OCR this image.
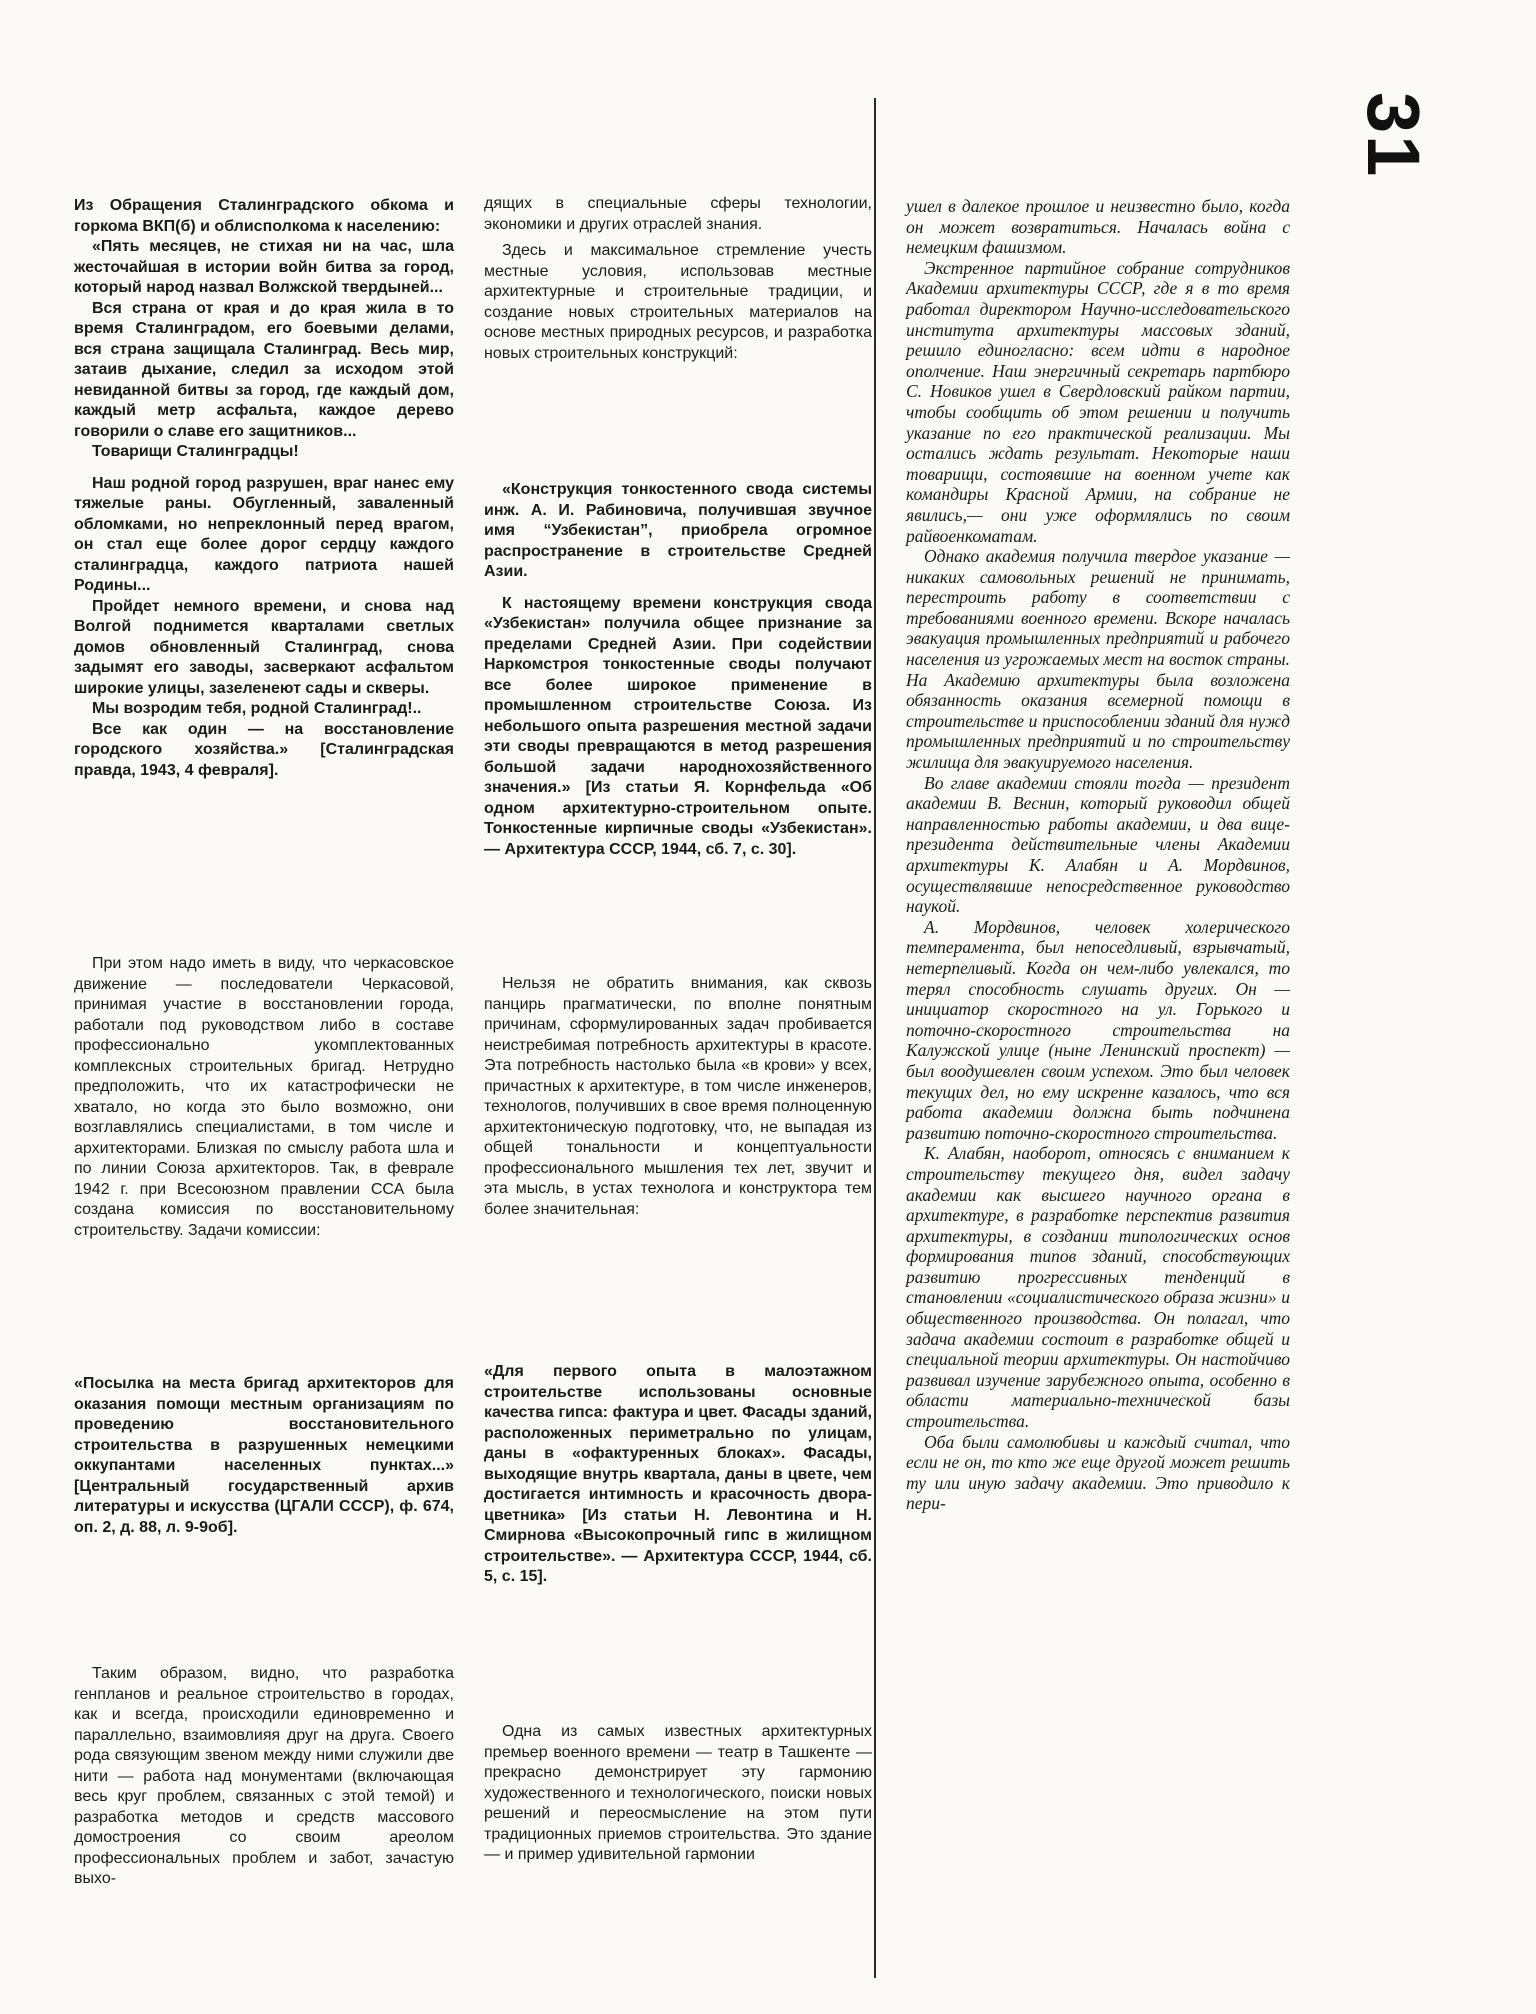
31

Из Обращения Сталинградского обкома и горкома ВКП(б) и облисполкома к населению:

«Пять месяцев, не стихая ни на час, шла жесточайшая в истории войн битва за город, который народ назвал Волжской твердыней...

Вся страна от края и до края жила в то время Сталинградом, его боевыми делами, вся страна защищала Сталинград. Весь мир, затаив дыхание, следил за исходом этой невиданной битвы за город, где каждый дом, каждый метр асфальта, каждое дерево говорили о славе его защитников...

Товарищи Сталинградцы!

Наш родной город разрушен, враг нанес ему тяжелые раны. Обугленный, заваленный обломками, но непреклонный перед врагом, он стал еще более дорог сердцу каждого сталинградца, каждого патриота нашей Родины...

Пройдет немного времени, и снова над Волгой поднимется кварталами светлых домов обновленный Сталинград, снова задымят его заводы, засверкают асфальтом широкие улицы, зазеленеют сады и скверы.

Мы возродим тебя, родной Сталинград!..

Все как один — на восстановление городского хозяйства.» [Сталинградская правда, 1943, 4 февраля].

При этом надо иметь в виду, что черкасовское движение — последователи Черкасовой, принимая участие в восстановлении города, работали под руководством либо в составе профессионально укомплектованных комплексных строительных бригад. Нетрудно предположить, что их катастрофически не хватало, но когда это было возможно, они возглавлялись специалистами, в том числе и архитекторами. Близкая по смыслу работа шла и по линии Союза архитекторов. Так, в феврале 1942 г. при Всесоюзном правлении ССА была создана комиссия по восстановительному строительству. Задачи комиссии:

«Посылка на места бригад архитекторов для оказания помощи местным организациям по проведению восстановительного строительства в разрушенных немецкими оккупантами населенных пунктах...» [Центральный государственный архив литературы и искусства (ЦГАЛИ СССР), ф. 674, оп. 2, д. 88, л. 9-9об].

Таким образом, видно, что разработка генпланов и реальное строительство в городах, как и всегда, происходили единовременно и параллельно, взаимовлияя друг на друга. Своего рода связующим звеном между ними служили две нити — работа над монументами (включающая весь круг проблем, связанных с этой темой) и разработка методов и средств массового домостроения со своим ареолом профессиональных проблем и забот, зачастую выхо-

дящих в специальные сферы технологии, экономики и других отраслей знания.

Здесь и максимальное стремление учесть местные условия, использовав местные архитектурные и строительные традиции, и создание новых строительных материалов на основе местных природных ресурсов, и разработка новых строительных конструкций:

«Конструкция тонкостенного свода системы инж. А. И. Рабиновича, получившая звучное имя “Узбекистан”, приобрела огромное распространение в строительстве Средней Азии.

К настоящему времени конструкция свода «Узбекистан» получила общее признание за пределами Средней Азии. При содействии Наркомстроя тонкостенные своды получают все более широкое применение в промышленном строительстве Союза. Из небольшого опыта разрешения местной задачи эти своды превращаются в метод разрешения большой задачи народнохозяйственного значения.» [Из статьи Я. Корнфельда «Об одном архитектурно-строительном опыте. Тонкостенные кирпичные своды «Узбекистан».— Архитектура СССР, 1944, сб. 7, с. 30].

Нельзя не обратить внимания, как сквозь панцирь прагматически, по вполне понятным причинам, сформулированных задач пробивается неистребимая потребность архитектуры в красоте. Эта потребность настолько была «в крови» у всех, причастных к архитектуре, в том числе инженеров, технологов, получивших в свое время полноценную архитектоническую подготовку, что, не выпадая из общей тональности и концептуальности профессионального мышления тех лет, звучит и эта мысль, в устах технолога и конструктора тем более значительная:

«Для первого опыта в малоэтажном строительстве использованы основные качества гипса: фактура и цвет. Фасады зданий, расположенных периметрально по улицам, даны в «офактуренных блоках». Фасады, выходящие внутрь квартала, даны в цвете, чем достигается интимность и красочность двора-цветника» [Из статьи Н. Левонтина и Н. Смирнова «Высокопрочный гипс в жилищном строительстве». — Архитектура СССР, 1944, сб. 5, с. 15].

Одна из самых известных архитектурных премьер военного времени — театр в Ташкенте — прекрасно демонстрирует эту гармонию художественного и технологического, поиски новых решений и переосмысление на этом пути традиционных приемов строительства. Это здание — и пример удивительной гармонии

ушел в далекое прошлое и неизвестно было, когда он может возвратиться. Началась война с немецким фашизмом.

Экстренное партийное собрание сотрудников Академии архитектуры СССР, где я в то время работал директором Научно-исследовательского института архитектуры массовых зданий, решило единогласно: всем идти в народное ополчение. Наш энергичный секретарь партбюро С. Новиков ушел в Свердловский райком партии, чтобы сообщить об этом решении и получить указание по его практической реализации. Мы остались ждать результат. Некоторые наши товарищи, состоявшие на военном учете как командиры Красной Армии, на собрание не явились,— они уже оформлялись по своим райвоенкоматам.

Однако академия получила твердое указание — никаких самовольных решений не принимать, перестроить работу в соответствии с требованиями военного времени. Вскоре началась эвакуация промышленных предприятий и рабочего населения из угрожаемых мест на восток страны. На Академию архитектуры была возложена обязанность оказания всемерной помощи в строительстве и приспособлении зданий для нужд промышленных предприятий и по строительству жилища для эвакуируемого населения.

Во главе академии стояли тогда — президент академии В. Веснин, который руководил общей направленностью работы академии, и два вице-президента действительные члены Академии архитектуры К. Алабян и А. Мордвинов, осуществлявшие непосредственное руководство наукой.

А. Мордвинов, человек холерического темперамента, был непоседливый, взрывчатый, нетерпеливый. Когда он чем-либо увлекался, то терял способность слушать других. Он — инициатор скоростного на ул. Горького и поточно-скоростного строительства на Калужской улице (ныне Ленинский проспект) — был воодушевлен своим успехом. Это был человек текущих дел, но ему искренне казалось, что вся работа академии должна быть подчинена развитию поточно-скоростного строительства.

К. Алабян, наоборот, относясь с вниманием к строительству текущего дня, видел задачу академии как высшего научного органа в архитектуре, в разработке перспектив развития архитектуры, в создании типологических основ формирования типов зданий, способствующих развитию прогрессивных тенденций в становлении «социалистического образа жизни» и общественного производства. Он полагал, что задача академии состоит в разработке общей и специальной теории архитектуры. Он настойчиво развивал изучение зарубежного опыта, особенно в области материально-технической базы строительства.

Оба были самолюбивы и каждый считал, что если не он, то кто же еще другой может решить ту или иную задачу академии. Это приводило к пери-
